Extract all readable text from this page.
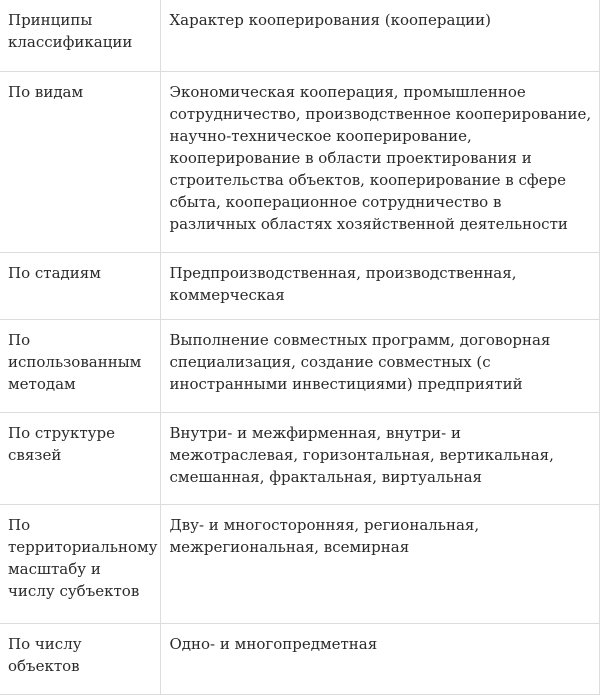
Принципы классификации	Характер кооперирования (кооперации)
По видам	Экономическая кооперация, промышленное сотрудничество, производственное кооперирование, научно-техническое кооперирование, кооперирование в области проектирования и строительства объектов, кооперирование в сфере сбыта, кооперационное сотрудничество в различных областях хозяйственной деятельности
По стадиям	Предпроизводственная, производственная, коммерческая
По использованным методам	Выполнение совместных программ, договорная специализация, создание совместных (с иностранными инвестициями) предприятий
По структуре связей	Внутри- и межфирменная, внутри- и межотраслевая, горизонтальная, вертикальная, смешанная, фрактальная, виртуальная
По территориальному масштабу и числу субъектов	Дву- и многосторонняя, региональная, межрегиональная, всемирная
По числу объектов	Одно- и многопредметная
